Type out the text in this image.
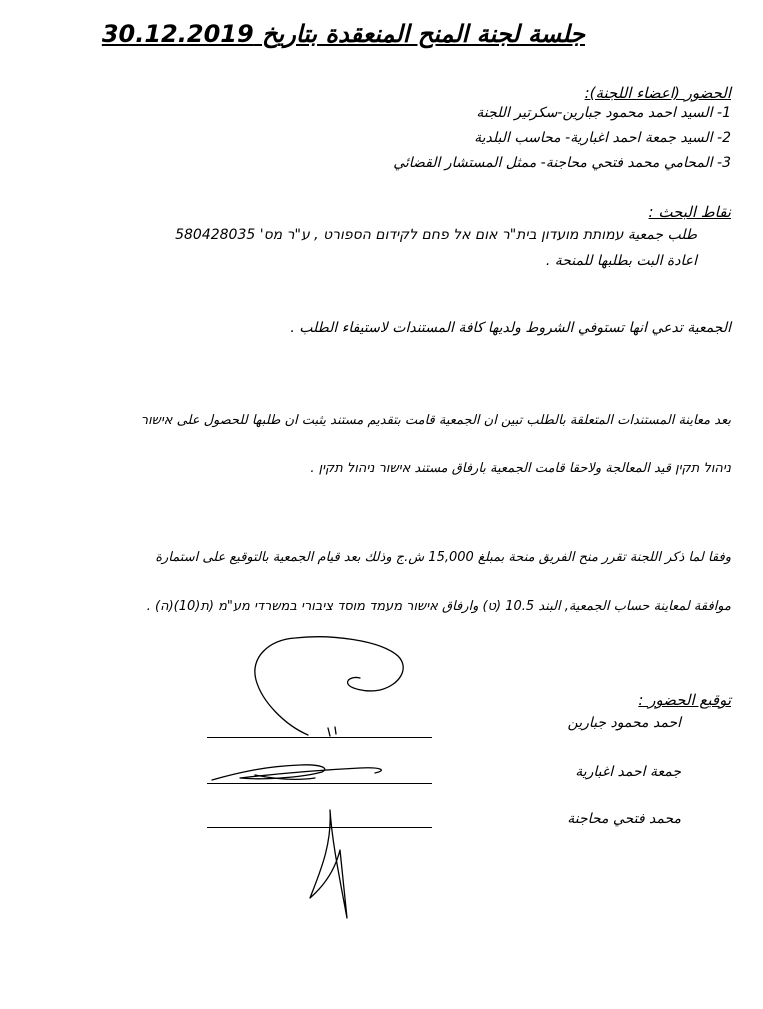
جلسة لجنة المنح المنعقدة بتاريخ 30.12.2019
الحضور (اعضاء اللجنة):
1- السيد احمد محمود جبارين-سكرتير اللجنة
2- السيد جمعة احمد اغبارية- محاسب البلدية
3- المحامي محمد فتحي محاجنة- ممثل المستشار القضائي
نقاط البحث :
طلب جمعية עמותת מועדון בית"ר אום אל פחם לקידום הספורט , ע"ר מס' 580428035
اعادة البت بطلبها للمنحة .
الجمعية تدعي انها تستوفي الشروط ولديها كافة المستندات لاستيفاء الطلب .
بعد معاينة المستندات المتعلقة بالطلب تبين ان الجمعية قامت بتقديم مستند يثبت ان طلبها للحصول على אישור
ניהול תקין قيد المعالجة ولاحقا قامت الجمعية بارفاق مستند אישור ניהול תקין .
وفقا لما ذكر اللجنة تقرر منح الفريق منحة بمبلغ 15,000 ش.ج وذلك بعد قيام الجمعية بالتوقيع على استمارة
موافقة لمعاينة حساب الجمعية, البند 10.5 (ט) وارفاق אישור מעמד מוסד ציבורי במשרדי מע"מ (ת(10)(ה) .
توقيع الحضور :
احمد محمود جبارين
جمعة احمد اغبارية
محمد فتحي محاجنة
